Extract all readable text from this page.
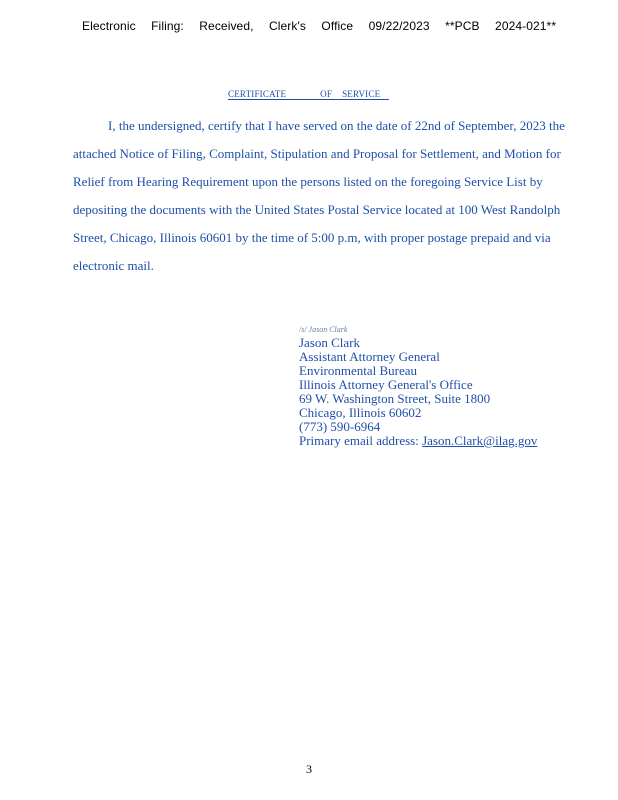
Electronic Filing: Received, Clerk's Office 09/22/2023 **PCB 2024-021**
CERTIFICATE	OF SERVICE
I, the undersigned, certify that I have served on the date of 22nd of September, 2023 the
attached Notice of Filing, Complaint, Stipulation and Proposal for Settlement, and Motion for
Relief from Hearing Requirement upon the persons listed on the foregoing Service List by
depositing the documents with the United States Postal Service located at 100 West Randolph
Street, Chicago, Illinois 60601 by the time of 5:00 p.m, with proper postage prepaid and via
electronic mail.
/s/ Jason Clark
Jason Clark
Assistant Attorney General
Environmental Bureau
Illinois Attorney General's Office
69 W. Washington Street, Suite 1800
Chicago, Illinois 60602
(773) 590-6964
Primary email address: Jason.Clark@ilag.gov
3
